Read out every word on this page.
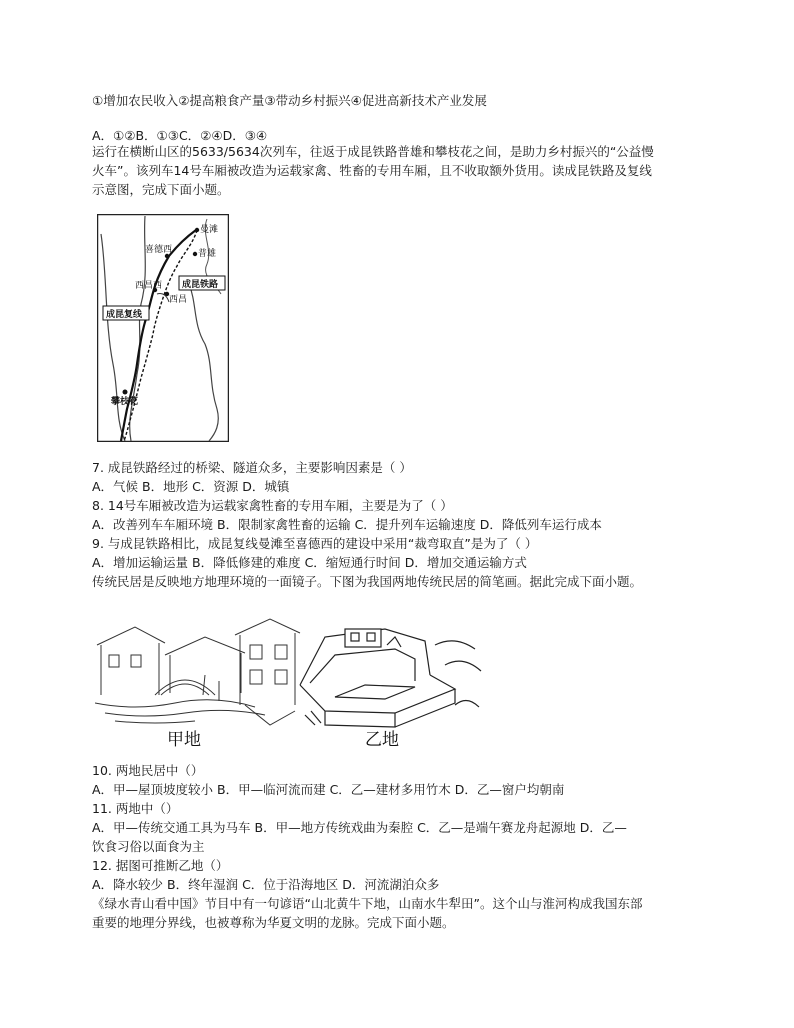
①增加农民收入②提高粮食产量③带动乡村振兴④促进高新技术产业发展
A．①②B．①③C．②④D．③④
运行在横断山区的5633/5634次列车，往返于成昆铁路普雄和攀枝花之间，是助力乡村振兴的“公益慢
火车”。该列车14号车厢被改造为运载家禽、牲畜的专用车厢，且不收取额外货用。读成昆铁路及复线
示意图，完成下面小题。
曼滩
普雄
喜德西
西昌西
西昌
成昆铁路
成昆复线
攀枝花
7. 成昆铁路经过的桥梁、隧道众多，主要影响因素是（ ）
A．气候 B．地形 C．资源 D．城镇
8. 14号车厢被改造为运载家禽牲畜的专用车厢，主要是为了（ ）
A．改善列车车厢环境 B．限制家禽牲畜的运输 C．提升列车运输速度 D．降低列车运行成本
9. 与成昆铁路相比，成昆复线曼滩至喜德西的建设中采用“裁弯取直”是为了（ ）
A．增加运输运量 B．降低修建的难度 C．缩短通行时间 D．增加交通运输方式
传统民居是反映地方地理环境的一面镜子。下图为我国两地传统民居的简笔画。据此完成下面小题。
甲地	乙地
10. 两地民居中（）
A．甲—屋顶坡度较小 B．甲—临河流而建 C．乙—建材多用竹木 D．乙—窗户均朝南
11. 两地中（）
A．甲—传统交通工具为马车 B．甲—地方传统戏曲为秦腔 C．乙—是端午赛龙舟起源地 D．乙—
饮食习俗以面食为主
12. 据图可推断乙地（）
A．降水较少 B．终年湿润 C．位于沿海地区 D．河流湖泊众多
《绿水青山看中国》节目中有一句谚语“山北黄牛下地，山南水牛犁田”。这个山与淮河构成我国东部
重要的地理分界线，也被尊称为华夏文明的龙脉。完成下面小题。
